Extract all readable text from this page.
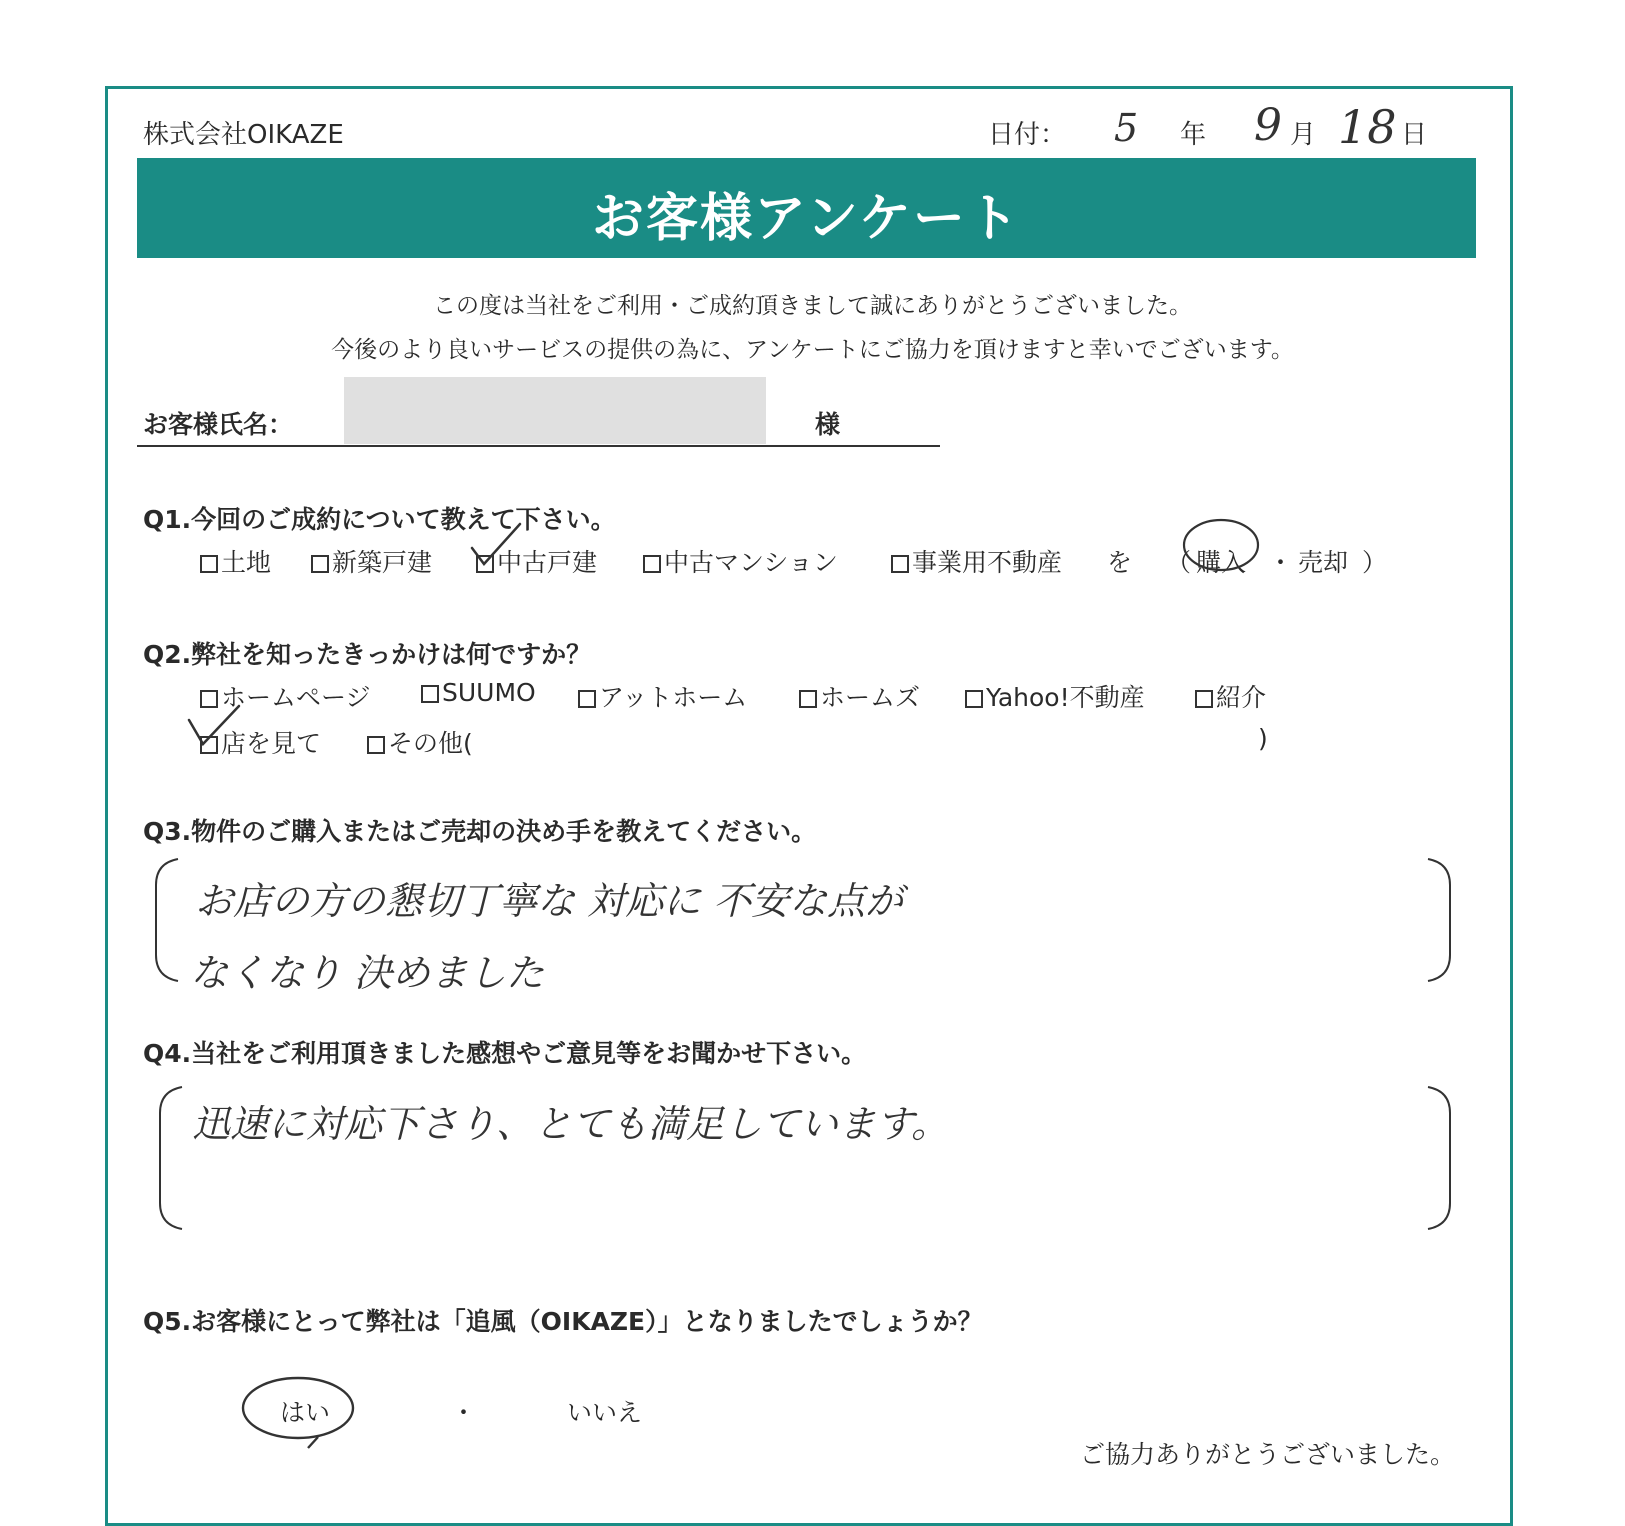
株式会社OIKAZE	日付： 5 年 9 月 18 日
お客様アンケート
この度は当社をご利用・ご成約頂きまして誠にありがとうございました。
今後のより良いサービスの提供の為に、アンケートにご協力を頂けますと幸いでございます。
お客様氏名：	様
Q1.今回のご成約について教えて下さい。
土地	新築戸建	中古戸建	中古マンション	事業用不動産 を （ 購入 ・ 売却 ）
Q2.弊社を知ったきっかけは何ですか？
ホームページ	SUUMO	アットホーム	ホームズ	Yahoo!不動産	紹介
店を見て	その他(	)
Q3.物件のご購入またはご売却の決め手を教えてください。
お店の方の懇切丁寧な 対応に 不安な点が
なくなり 決めました
Q4.当社をご利用頂きました感想やご意見等をお聞かせ下さい。
迅速に対応下さり、とても満足しています。
Q5.お客様にとって弊社は「追風（OIKAZE）」となりましたでしょうか？
はい	・	いいえ
ご協力ありがとうございました。
